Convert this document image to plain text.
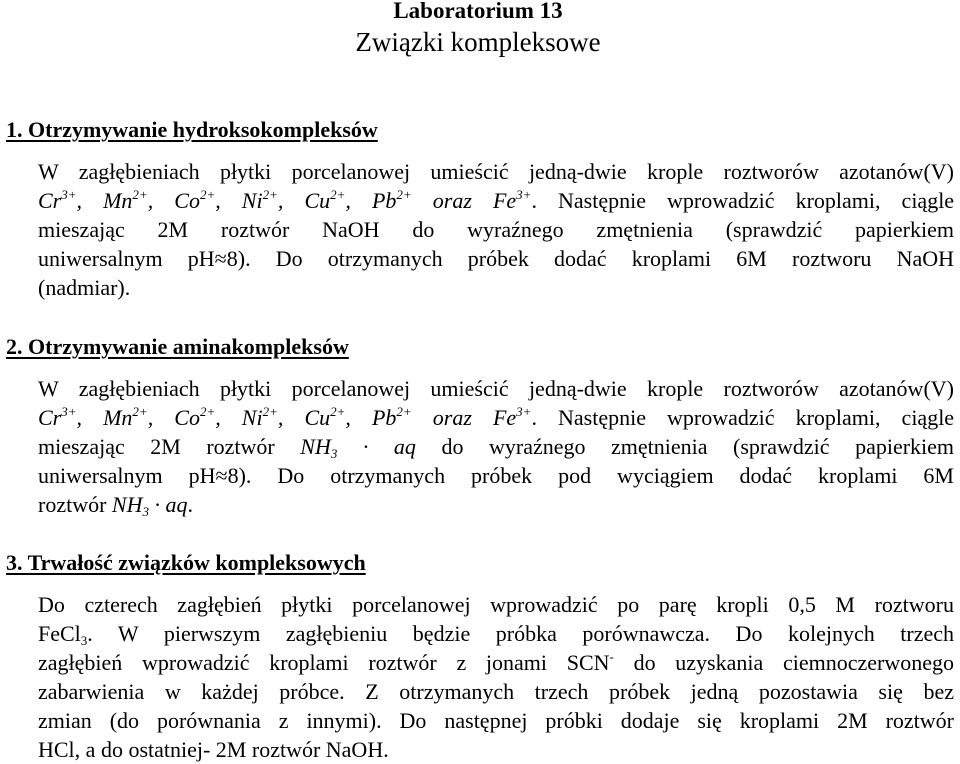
Laboratorium 13
Związki kompleksowe
1. Otrzymywanie hydroksokompleksów
W zagłębieniach płytki porcelanowej umieścić jedną-dwie krople roztworów azotanów(V)
$Cr^{3+}$, $Mn^{2+}$, $Co^{2+}$, $Ni^{2+}$, $Cu^{2+}$, $Pb^{2+}$ oraz $Fe^{3+}$. Następnie wprowadzić kroplami, ciągle
mieszając 2M roztwór NaOH do wyraźnego zmętnienia (sprawdzić papierkiem
uniwersalnym pH≈8). Do otrzymanych próbek dodać kroplami 6M roztworu NaOH
(nadmiar).
2. Otrzymywanie aminakompleksów
W zagłębieniach płytki porcelanowej umieścić jedną-dwie krople roztworów azotanów(V)
$Cr^{3+}$, $Mn^{2+}$, $Co^{2+}$, $Ni^{2+}$, $Cu^{2+}$, $Pb^{2+}$ oraz $Fe^{3+}$. Następnie wprowadzić kroplami, ciągle
mieszając 2M roztwór $NH_3$ · aq do wyraźnego zmętnienia (sprawdzić papierkiem
uniwersalnym pH≈8). Do otrzymanych próbek pod wyciągiem dodać kroplami 6M
roztwór $NH_3$ · aq.
3. Trwałość związków kompleksowych
Do czterech zagłębień płytki porcelanowej wprowadzić po parę kropli 0,5 M roztworu
FeCl$_3$. W pierwszym zagłębieniu będzie próbka porównawcza. Do kolejnych trzech
zagłębień wprowadzić kroplami roztwór z jonami SCN- do uzyskania ciemnoczerwonego
zabarwienia w każdej próbce. Z otrzymanych trzech próbek jedną pozostawia się bez
zmian (do porównania z innymi). Do następnej próbki dodaje się kroplami 2M roztwór
HCl, a do ostatniej- 2M roztwór NaOH.
